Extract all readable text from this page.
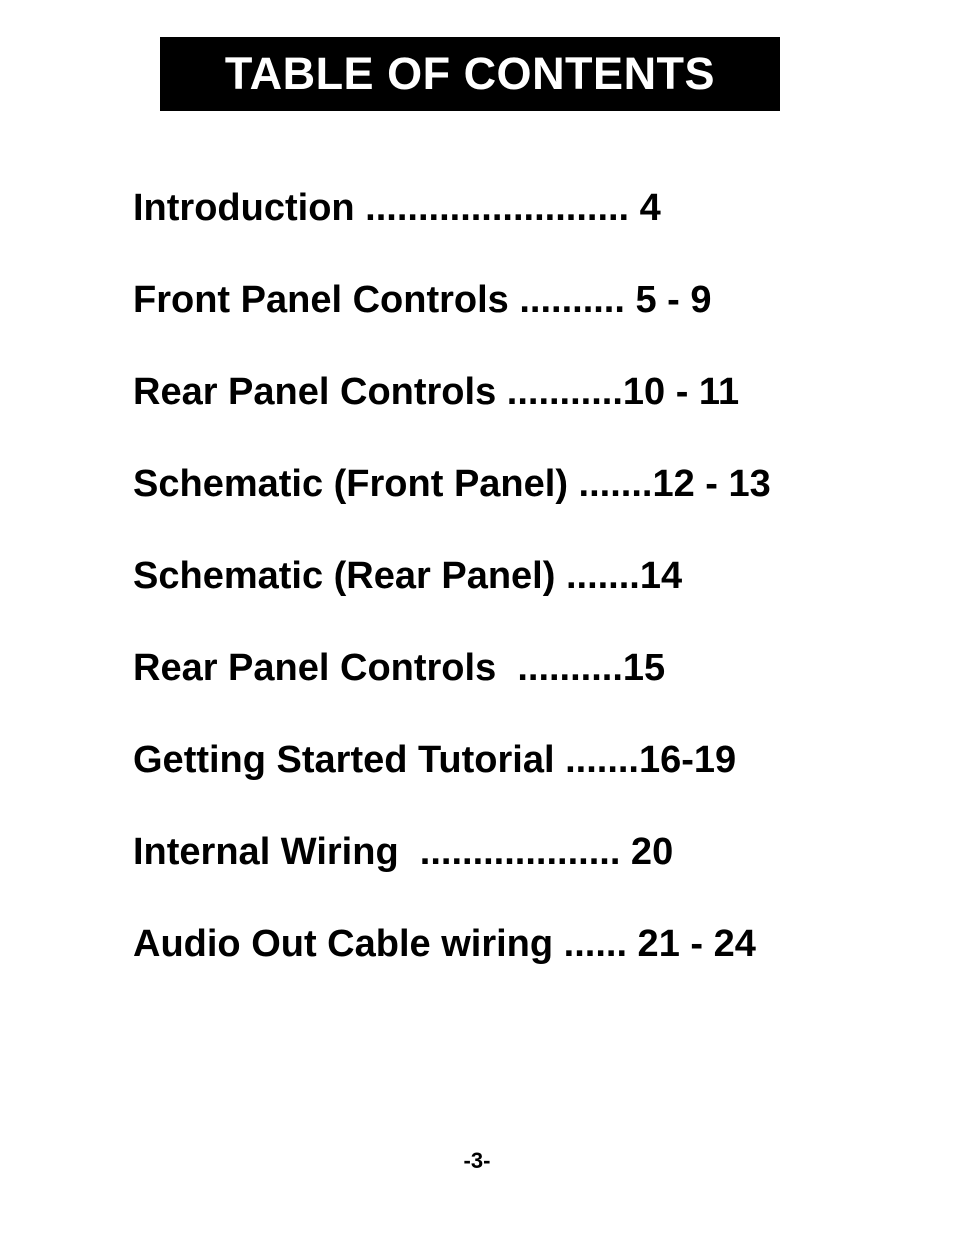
TABLE OF CONTENTS
Introduction ......................... 4
Front Panel Controls .......... 5 - 9
Rear Panel Controls ...........10 - 11
Schematic (Front Panel) .......12 - 13
Schematic (Rear Panel) .......14
Rear Panel Controls  ..........15
Getting Started Tutorial .......16-19
Internal Wiring  ................... 20
Audio Out Cable wiring ...... 21 - 24
-3-
